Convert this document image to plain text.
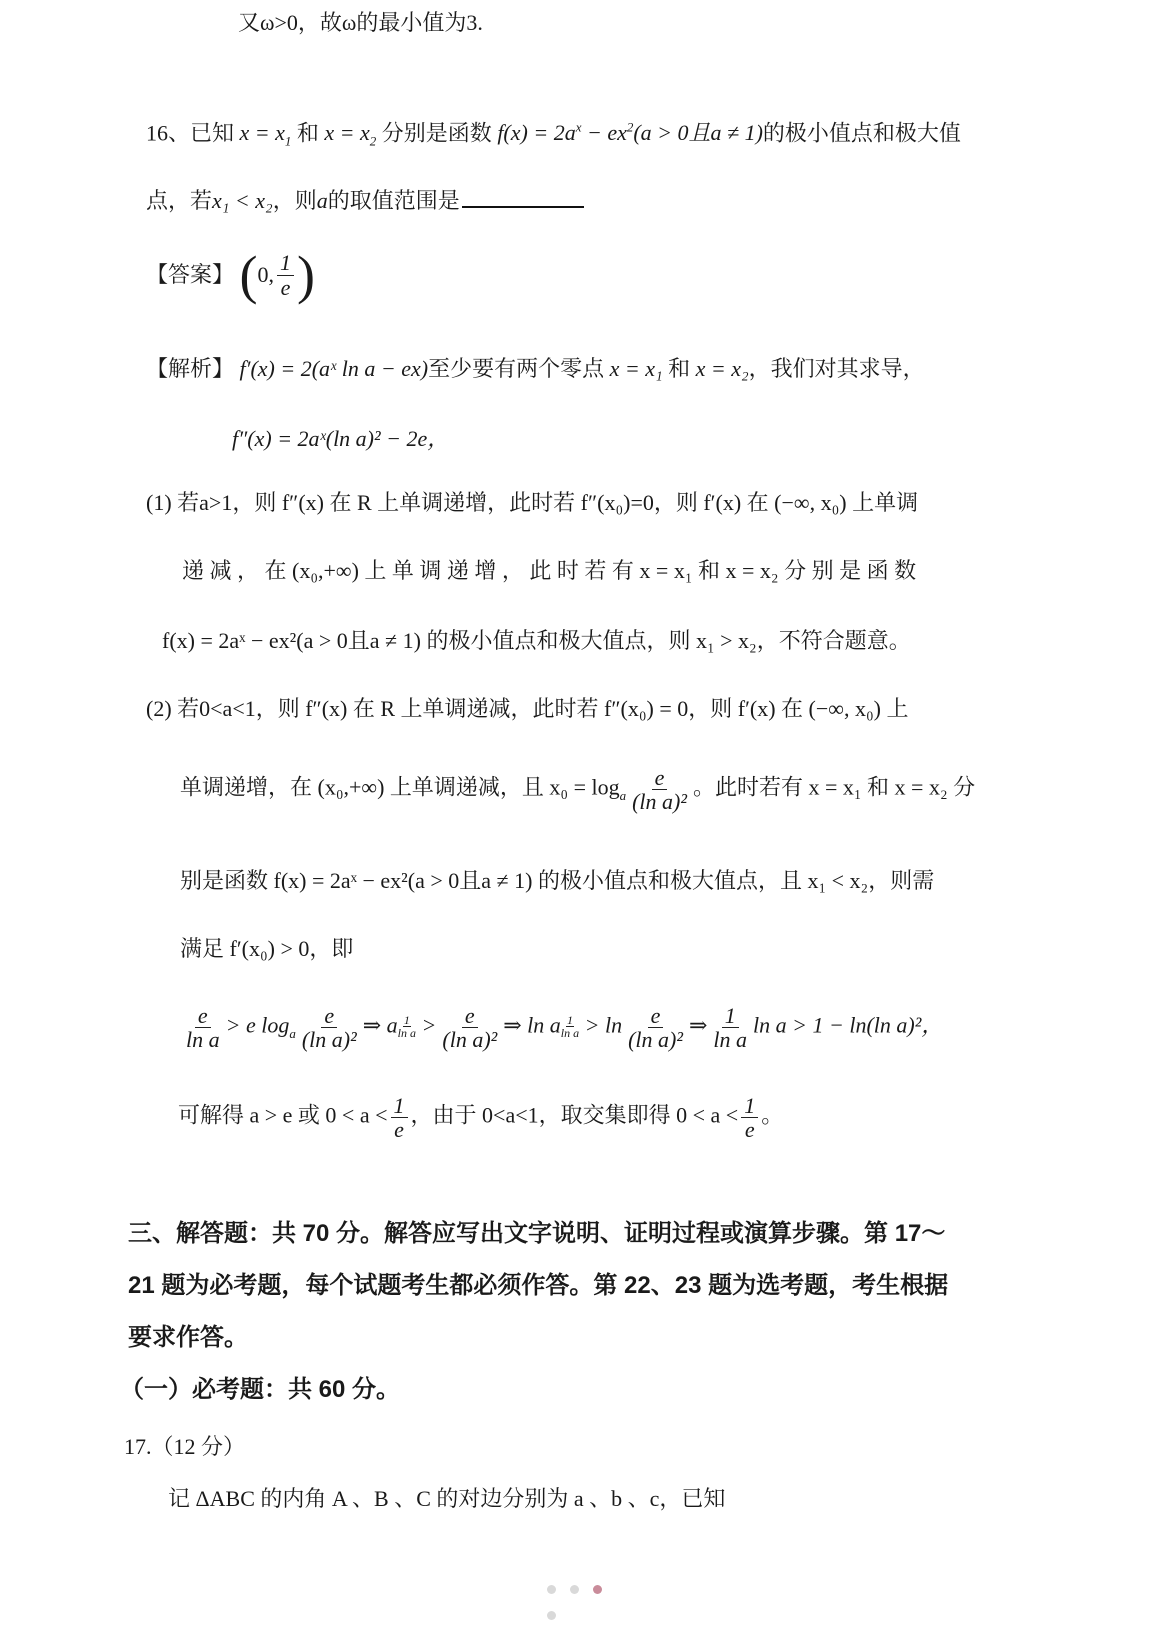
又ω>0，故ω的最小值为3.
16、已知 $x = x_1$ 和 $x = x_2$ 分别是函数 $f(x) = 2a^x - ex^2(a > 0$且a ≠ 1)的极小值点和极大值
点，若x₁ < x₂，则a的取值范围是
【答案】 (0, $\frac{1}{e}$ )
【解析】 f′(x) = 2(aˣ ln a − ex)至少要有两个零点 x = x₁ 和 x = x₂，我们对其求导，
f″(x) = 2aˣ(ln a)² − 2e，
(1) 若a>1，则 f″(x) 在 R 上单调递增，此时若 f″(x₀)=0，则 f′(x) 在 (−∞, x₀) 上单调
递 减 ， 在 (x₀,+∞) 上 单 调 递 增 ， 此 时 若 有 x = x₁ 和 x = x₂ 分 别 是 函 数
f(x) = 2aˣ − ex²(a > 0且a ≠ 1) 的极小值点和极大值点，则 x₁ > x₂，不符合题意。
(2) 若0<a<1，则 f″(x) 在 R 上单调递减，此时若 f″(x₀) = 0，则 f′(x) 在 (−∞, x₀) 上
单调递增，在 (x₀,+∞) 上单调递减，且 $x_0 = \log_a \frac{e}{\text{(ln a)²}}$ 。此时若有 x = x₁ 和 x = x₂ 分
别是函数 f(x) = 2aˣ − ex²(a > 0且a ≠ 1) 的极小值点和极大值点，且 x₁ < x₂，则需
满足 f′(x₀) > 0，即
$\frac{e}{\text{ln a}} > e$ $\log_a \frac{e}{\text{(ln a)²}}$ ⇒ a $\frac{1}{\text{ln a}} > \frac{e}{\text{(ln a)²}}$ ⇒ ln a $\frac{1}{\text{ln a}} > \ln \frac{e}{\text{(ln a)²}}$ ⇒ $\frac{1}{\text{ln a}}$ ln a > 1 − ln(ln a)²，
可解得 a > e 或 $0 < a < \frac{1}{e}$ ，由于 0<a<1，取交集即得 $0 < a < \frac{1}{e}$ 。
三、解答题：共 70 分。解答应写出文字说明、证明过程或演算步骤。第 17～
21 题为必考题，每个试题考生都必须作答。第 22、23 题为选考题，考生根据
要求作答。
（一）必考题：共 60 分。
17.（12 分）
记 ΔABC 的内角 A 、B 、C 的对边分别为 a 、b 、c，已知
